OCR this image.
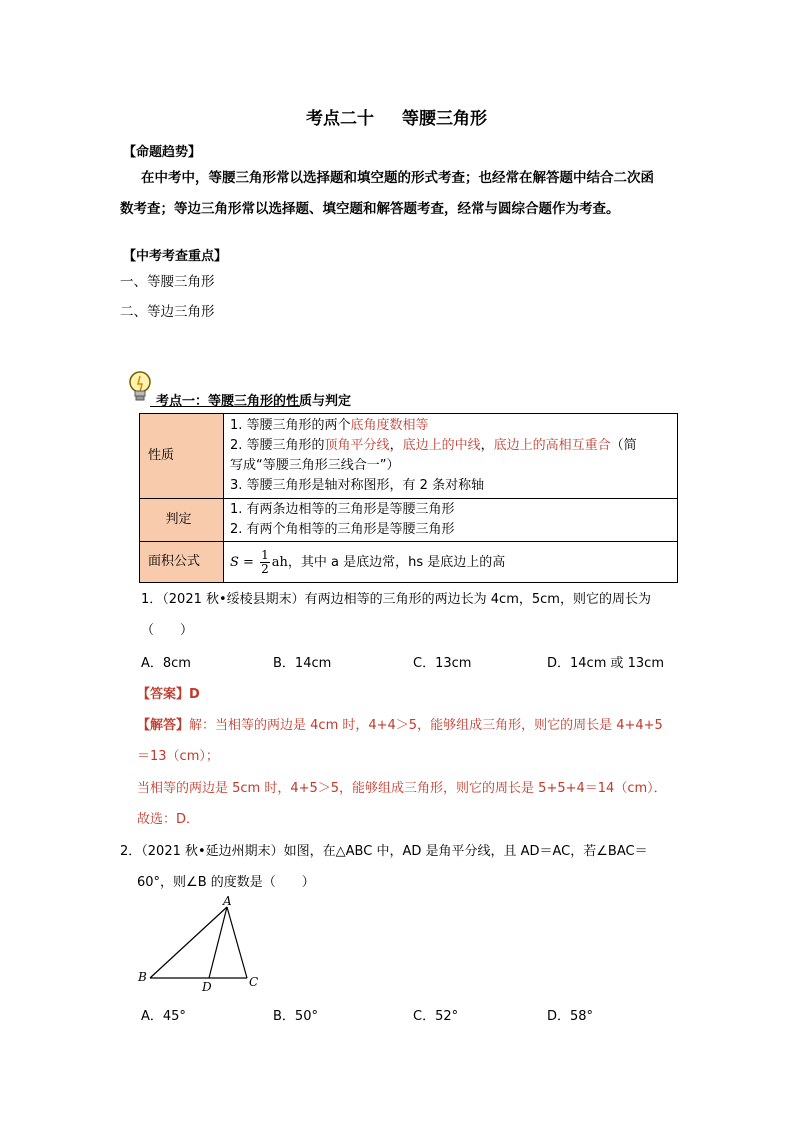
考点二十 等腰三角形
【命题趋势】
在中考中，等腰三角形常以选择题和填空题的形式考查；也经常在解答题中结合二次函
数考查；等边三角形常以选择题、填空题和解答题考查，经常与圆综合题作为考查。
【中考考查重点】
一、等腰三角形
二、等边三角形
考点一：等腰三角形的性质与判定
性质	1. 等腰三角形的两个底角度数相等
2. 等腰三角形的顶角平分线，底边上的中线，底边上的高相互重合（简
写成“等腰三角形三线合一”）
3. 等腰三角形是轴对称图形，有 2 条对称轴

判定	1. 有两条边相等的三角形是等腰三角形
2. 有两个角相等的三角形是等腰三角形

面积公式	$S = \frac{1}{2}$ ah，其中 a 是底边常，hs 是底边上的高
1．（2021 秋•绥棱县期末）有两边相等的三角形的两边长为 4cm，5cm，则它的周长为
（　　）
A．8cm	B．14cm	C．13cm	D．14cm 或 13cm
【答案】D
【解答】解：当相等的两边是 4cm 时，4+4＞5，能够组成三角形，则它的周长是 4+4+5
＝13（cm）；
当相等的两边是 5cm 时，4+5＞5，能够组成三角形，则它的周长是 5+5+4＝14（cm）．
故选：D．
2．（2021 秋•延边州期末）如图，在△ABC 中，AD 是角平分线，且 AD＝AC，若∠BAC＝
60°，则∠B 的度数是（　　）
A
B	C
D
A．45°	B．50°	C．52°	D．58°
